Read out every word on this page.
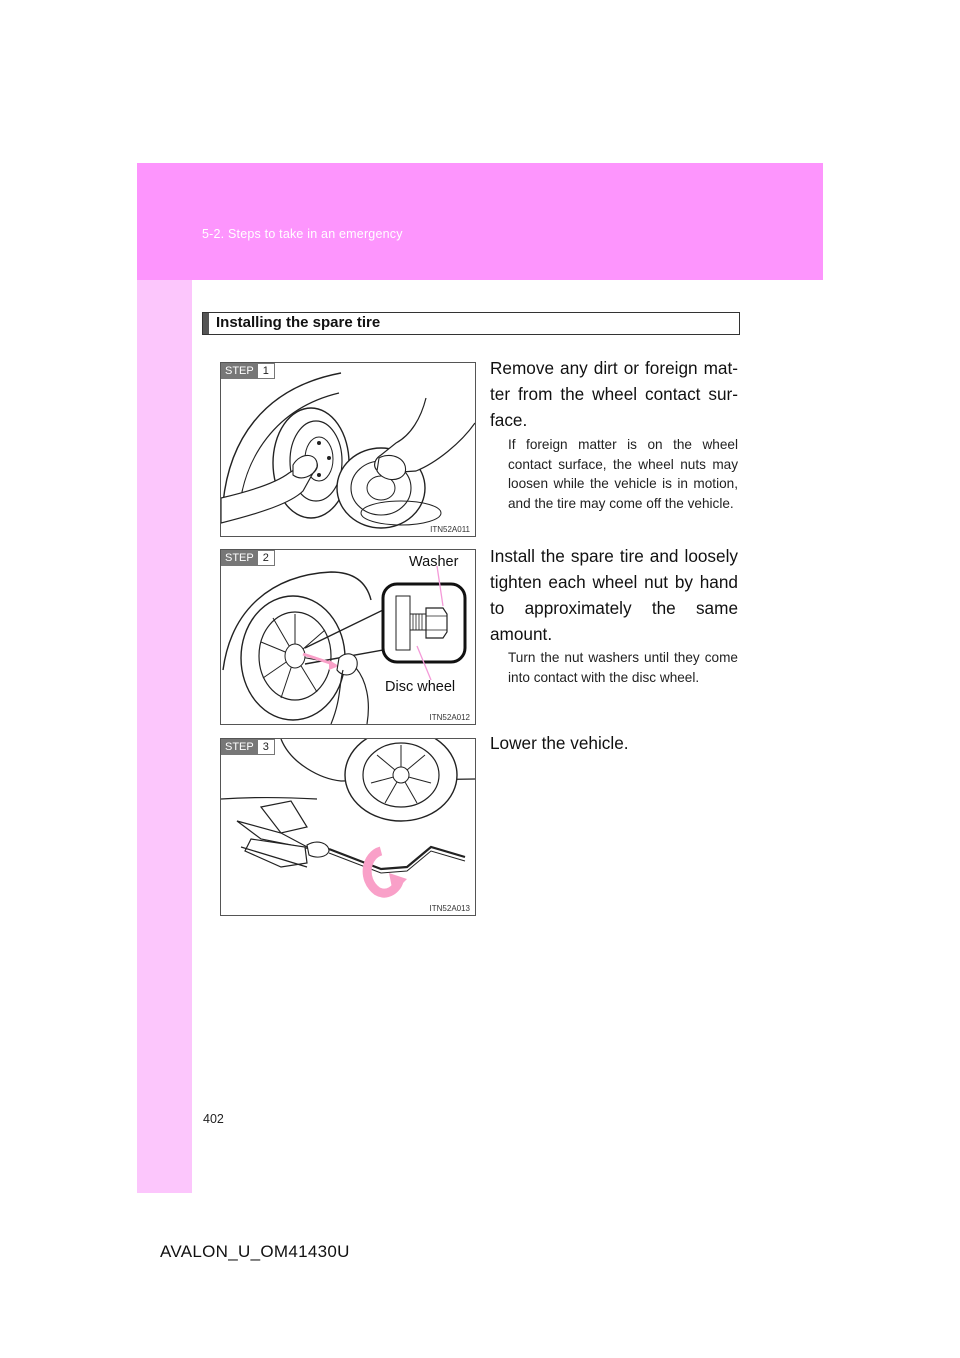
5-2. Steps to take in an emergency
Installing the spare tire
STEP 1
ITN52A011
Remove any dirt or foreign mat-ter from the wheel contact sur-face.
If foreign matter is on the wheel contact surface, the wheel nuts may loosen while the vehicle is in motion, and the tire may come off the vehicle.
STEP 2	Washer
Disc wheel
ITN52A012
Install the spare tire and loosely tighten each wheel nut by hand to approximately the same amount.
Turn the nut washers until they come into contact with the disc wheel.
STEP 3
ITN52A013
Lower the vehicle.
402
AVALON_U_OM41430U
